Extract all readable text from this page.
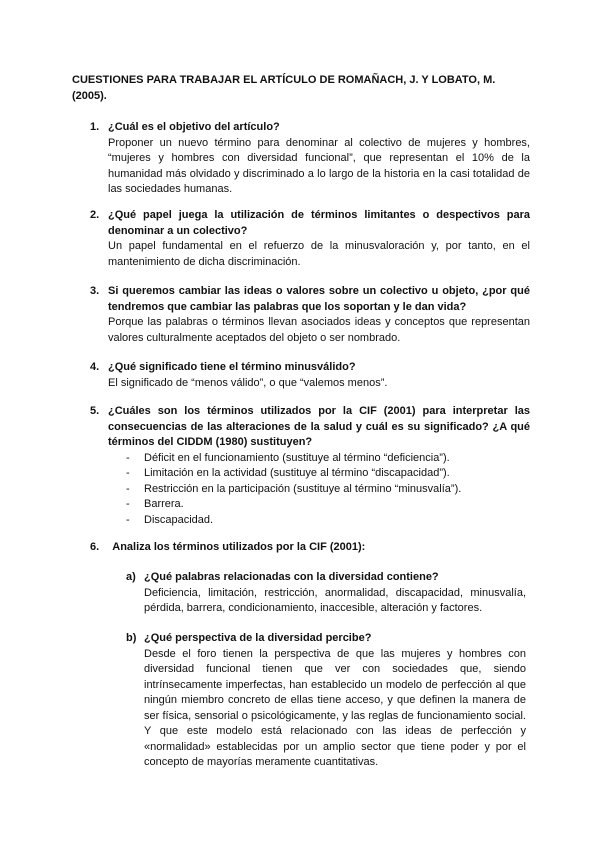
CUESTIONES PARA TRABAJAR EL ARTÍCULO DE ROMAÑACH, J. Y LOBATO, M. (2005).
1. ¿Cuál es el objetivo del artículo?
Proponer un nuevo término para denominar al colectivo de mujeres y hombres, “mujeres y hombres con diversidad funcional”, que representan el 10% de la humanidad más olvidado y discriminado a lo largo de la historia en la casi totalidad de las sociedades humanas.
2. ¿Qué papel juega la utilización de términos limitantes o despectivos para denominar a un colectivo?
Un papel fundamental en el refuerzo de la minusvaloración y, por tanto, en el mantenimiento de dicha discriminación.
3. Si queremos cambiar las ideas o valores sobre un colectivo u objeto, ¿por qué tendremos que cambiar las palabras que los soportan y le dan vida?
Porque las palabras o términos llevan asociados ideas y conceptos que representan valores culturalmente aceptados del objeto o ser nombrado.
4. ¿Qué significado tiene el término minusválido?
El significado de “menos válido”, o que “valemos menos”.
5. ¿Cuáles son los términos utilizados por la CIF (2001) para interpretar las consecuencias de las alteraciones de la salud y cuál es su significado? ¿A qué términos del CIDDM (1980) sustituyen?
- Déficit en el funcionamiento (sustituye al término “deficiencia”).
- Limitación en la actividad (sustituye al término “discapacidad”).
- Restricción en la participación (sustituye al término “minusvalía”).
- Barrera.
- Discapacidad.
6. Analiza los términos utilizados por la CIF (2001):
a) ¿Qué palabras relacionadas con la diversidad contiene?
Deficiencia, limitación, restricción, anormalidad, discapacidad, minusvalía, pérdida, barrera, condicionamiento, inaccesible, alteración y factores.
b) ¿Qué perspectiva de la diversidad percibe?
Desde el foro tienen la perspectiva de que las mujeres y hombres con diversidad funcional tienen que ver con sociedades que, siendo intrínsecamente imperfectas, han establecido un modelo de perfección al que ningún miembro concreto de ellas tiene acceso, y que definen la manera de ser física, sensorial o psicológicamente, y las reglas de funcionamiento social. Y que este modelo está relacionado con las ideas de perfección y «normalidad» establecidas por un amplio sector que tiene poder y por el concepto de mayorías meramente cuantitativas.
